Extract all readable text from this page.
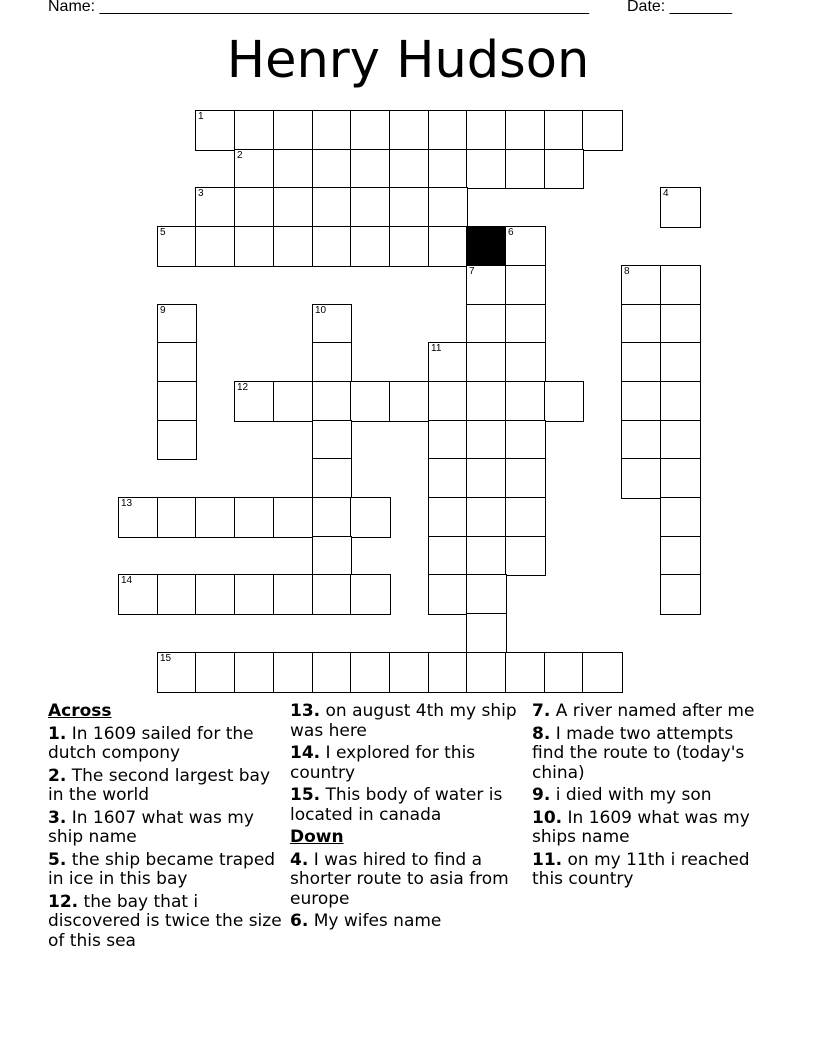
Name: _______________________________________________________ Date: _______
Henry Hudson
1
2
3	4
5	6
7	8
9	10
11
12
13
14
15
Across
1. In 1609 sailed for the dutch compony
2. The second largest bay in the world
3. In 1607 what was my ship name
5. the ship became traped in ice in this bay
12. the bay that i discovered is twice the size of this sea
13. on august 4th my ship was here
14. I explored for this country
15. This body of water is located in canada
Down
4. I was hired to find a shorter route to asia from europe
6. My wifes name
7. A river named after me
8. I made two attempts find the route to (today's china)
9. i died with my son
10. In 1609 what was my ships name
11. on my 11th i reached this country
